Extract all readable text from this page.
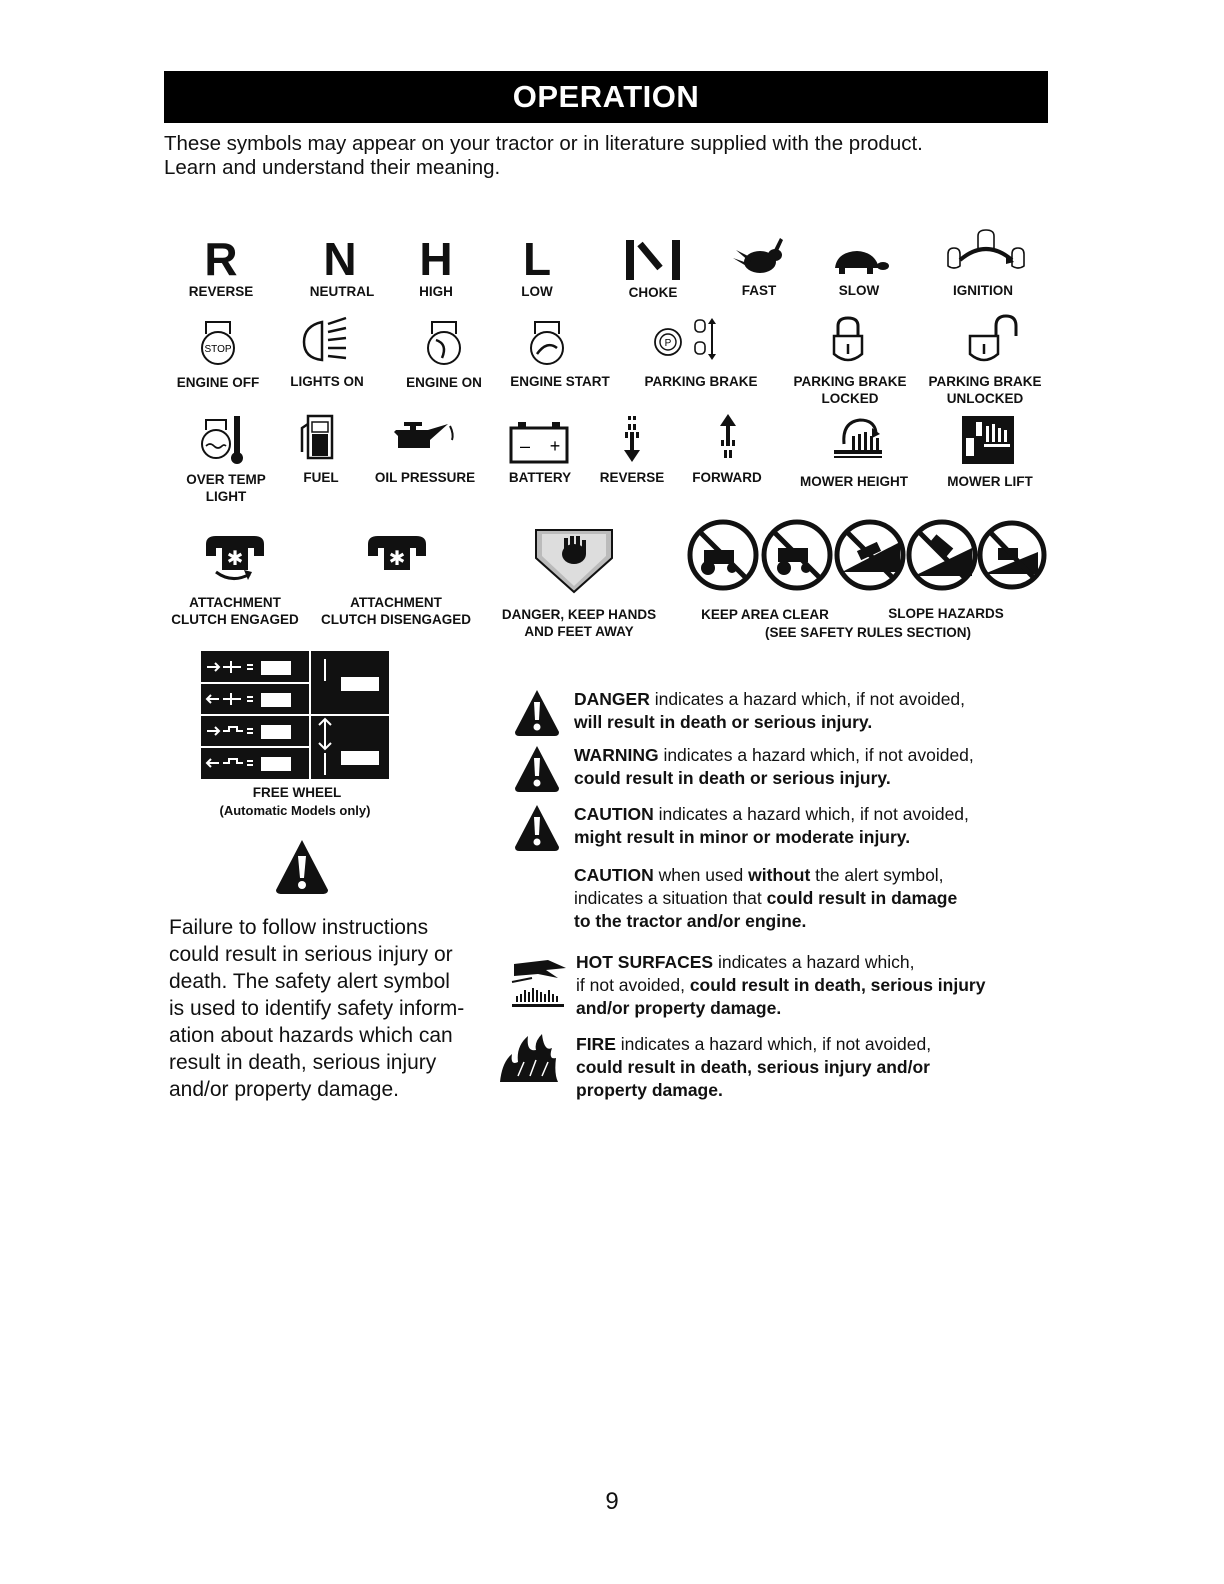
OPERATION
These symbols may appear on your tractor or in literature supplied with the product.
Learn and understand their meaning.
R
REVERSE
N
NEUTRAL
H
HIGH
L
LOW	CHOKE	FAST	SLOW	IGNITION
STOP
ENGINE OFF LIGHTS ON	ENGINE ON ENGINE START
P
PARKING BRAKE	PARKING BRAKE
LOCKED
PARKING BRAKE
UNLOCKED
OVER TEMP
LIGHT
FUEL	OIL PRESSURE
– +
BATTERY REVERSE FORWARD	MOWER HEIGHT	MOWER LIFT
✱
ATTACHMENT
CLUTCH ENGAGED
✱
ATTACHMENT
CLUTCH DISENGAGED DANGER, KEEP HANDS
AND FEET AWAY
KEEP AREA CLEAR	SLOPE HAZARDS
(SEE SAFETY RULES SECTION)
FREE WHEEL
(Automatic Models only)
Failure to follow instructions
could result in serious injury or
death. The safety alert symbol
is used to identify safety inform-
ation about hazards which can
result in death, serious injury
and/or property damage.
DANGER indicates a hazard which, if not avoided,
will result in death or serious injury.
WARNING indicates a hazard which, if not avoided,
could result in death or serious injury.
CAUTION indicates a hazard which, if not avoided,
might result in minor or moderate injury.
CAUTION when used without the alert symbol,
indicates a situation that could result in damage
to the tractor and/or engine.
HOT SURFACES indicates a hazard which,
if not avoided, could result in death, serious injury
and/or property damage.
FIRE indicates a hazard which, if not avoided,
could result in death, serious injury and/or
property damage.
9
